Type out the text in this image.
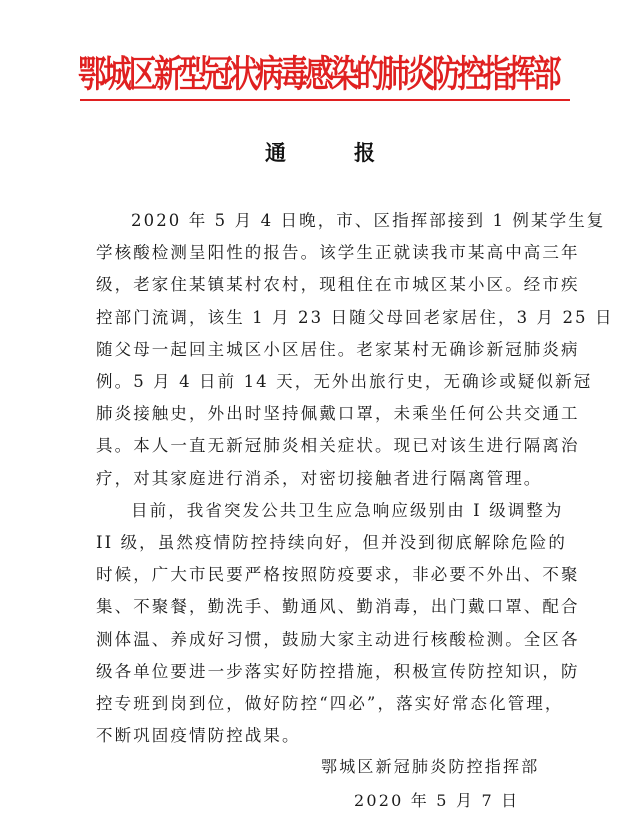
鄂城区新型冠状病毒感染的肺炎防控指挥部
通报

2020 年 5 月 4 日晚，市、区指挥部接到 1 例某学生复
学核酸检测呈阳性的报告。该学生正就读我市某高中高三年
级，老家住某镇某村农村，现租住在市城区某小区。经市疾
控部门流调，该生 1 月 23 日随父母回老家居住，3 月 25 日
随父母一起回主城区小区居住。老家某村无确诊新冠肺炎病
例。5 月 4 日前 14 天，无外出旅行史，无确诊或疑似新冠
肺炎接触史，外出时坚持佩戴口罩，未乘坐任何公共交通工
具。本人一直无新冠肺炎相关症状。现已对该生进行隔离治
疗，对其家庭进行消杀，对密切接触者进行隔离管理。

目前，我省突发公共卫生应急响应级别由 I 级调整为
II 级，虽然疫情防控持续向好，但并没到彻底解除危险的
时候，广大市民要严格按照防疫要求，非必要不外出、不聚
集、不聚餐，勤洗手、勤通风、勤消毒，出门戴口罩、配合
测体温、养成好习惯，鼓励大家主动进行核酸检测。全区各
级各单位要进一步落实好防控措施，积极宣传防控知识，防
控专班到岗到位，做好防控“四必”，落实好常态化管理，
不断巩固疫情防控战果。

鄂城区新冠肺炎防控指挥部
2020 年 5 月 7 日
